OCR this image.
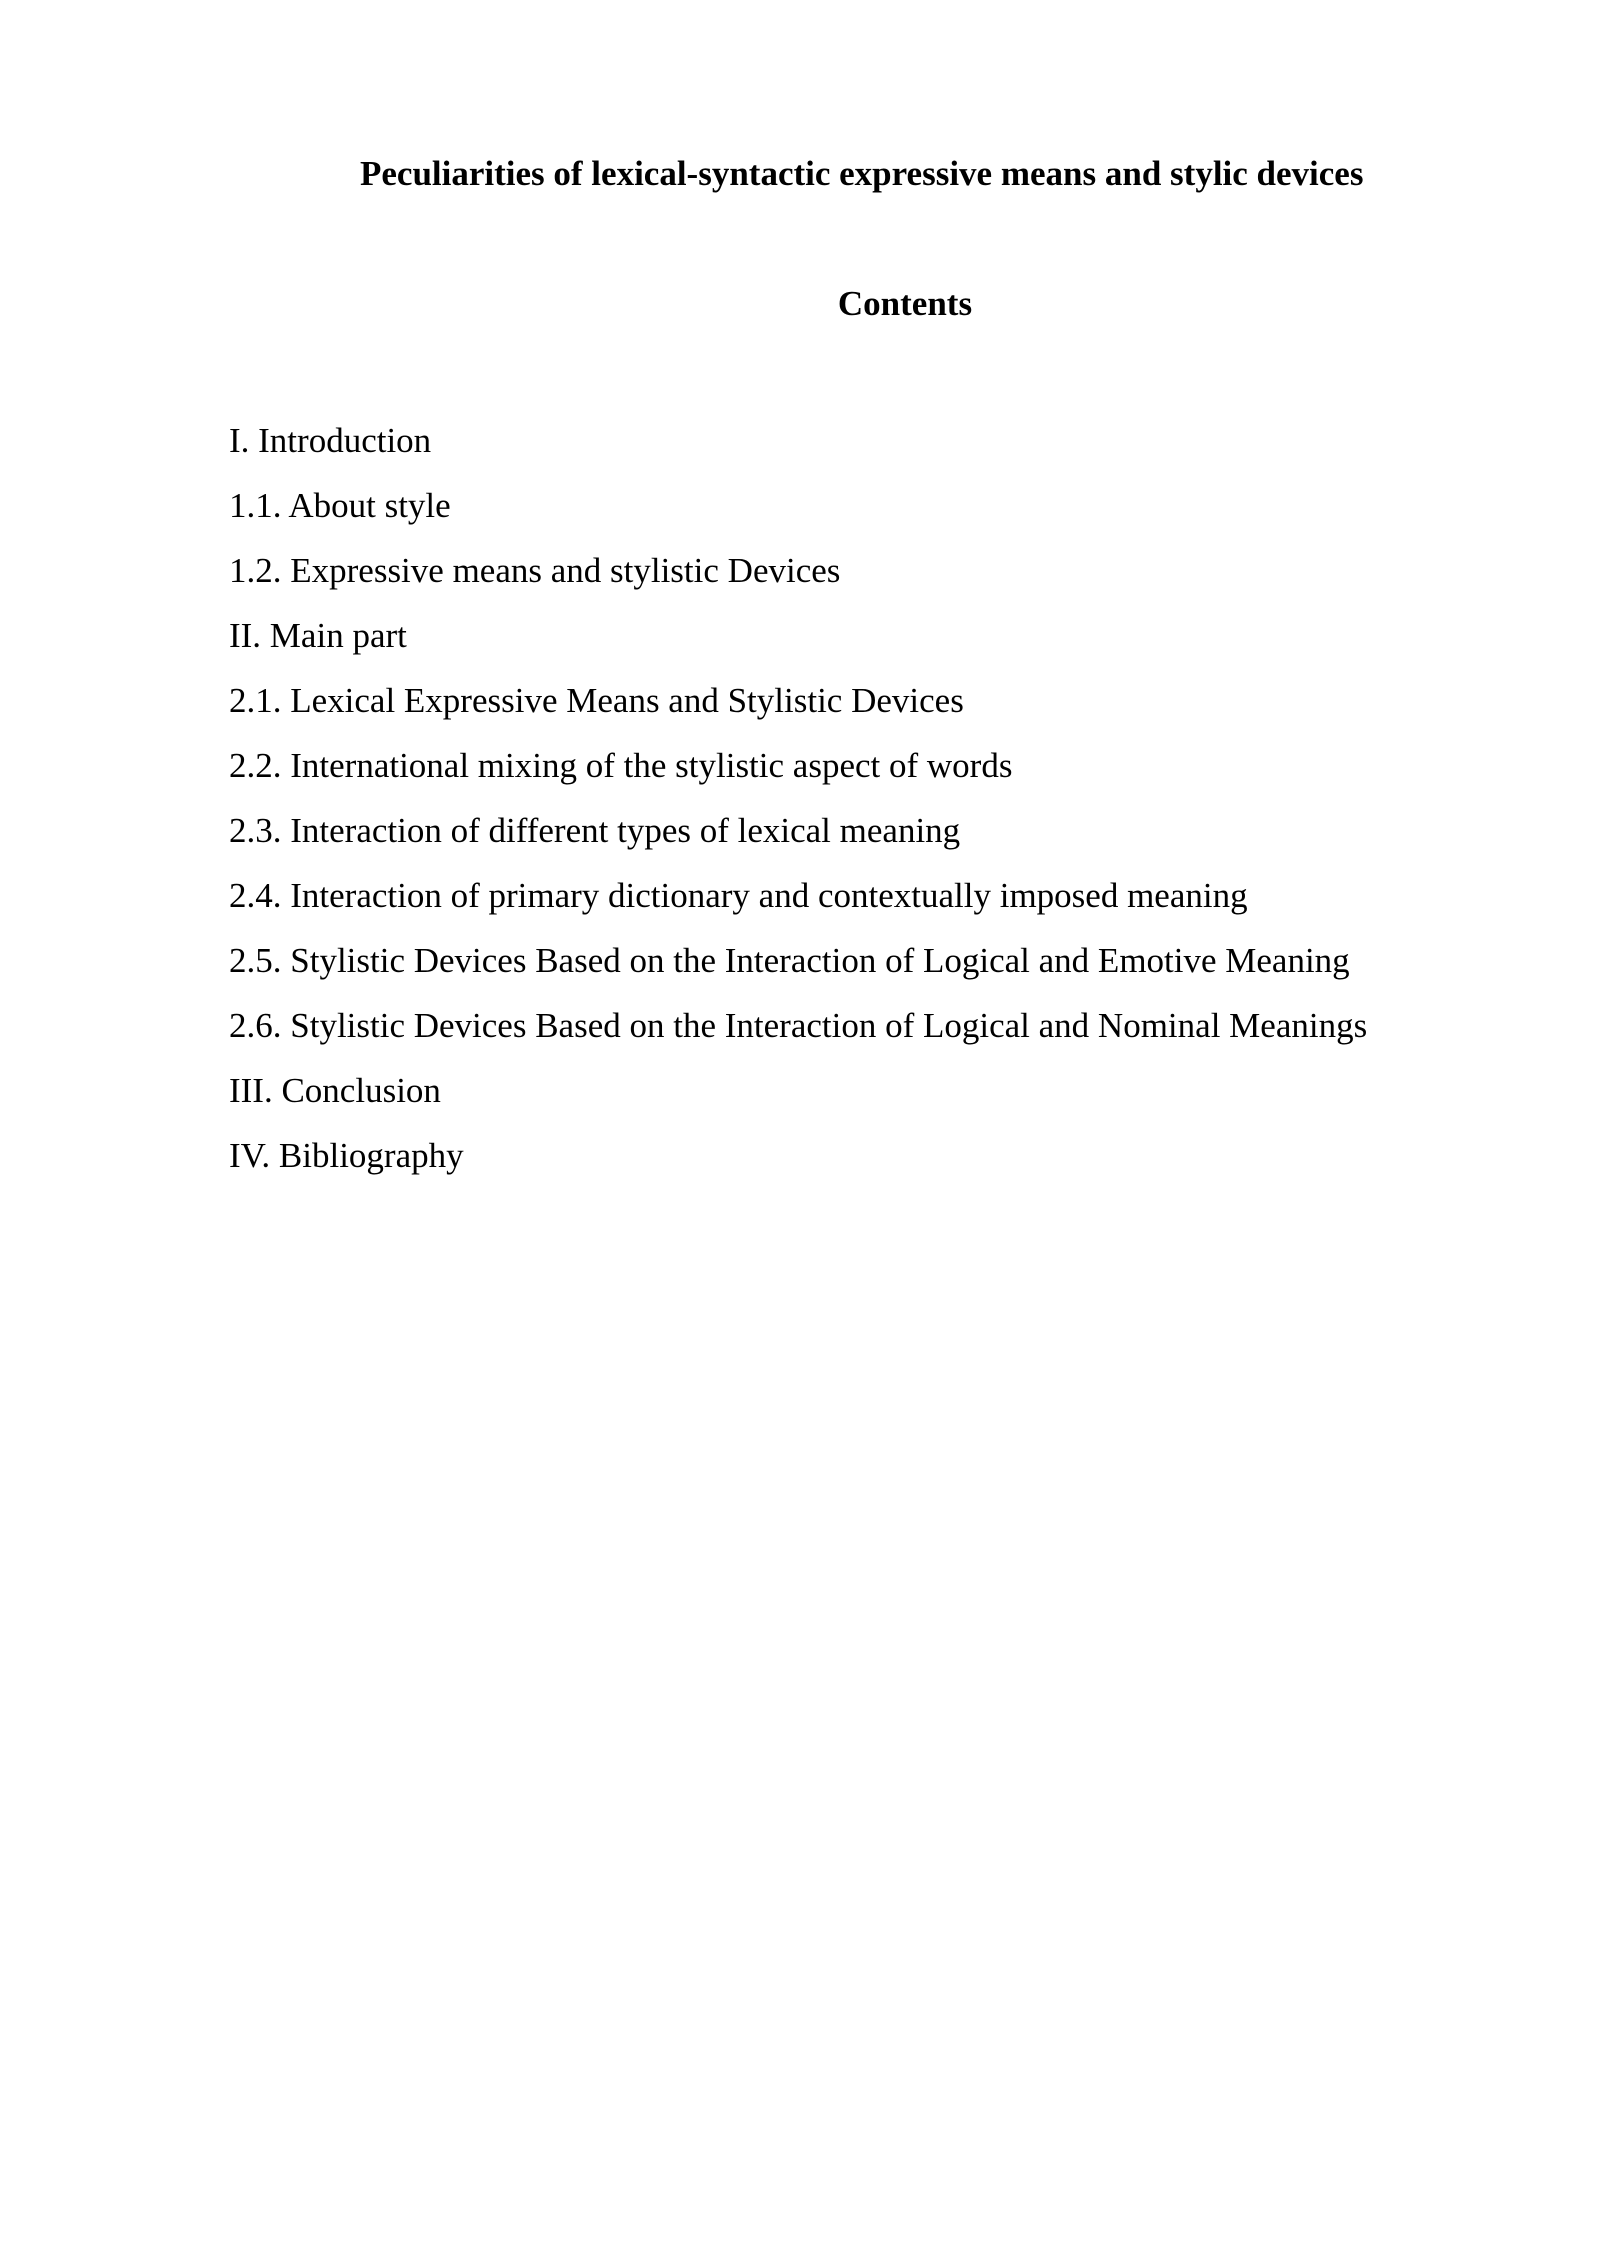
Peculiarities of lexical-syntactic expressive means and stylic devices
Contents
I. Introduction
1.1. About style
1.2. Expressive means and stylistic Devices
II. Main part
2.1. Lexical Expressive Means and Stylistic Devices
2.2. International mixing of the stylistic aspect of words
2.3. Interaction of different types of lexical meaning
2.4. Interaction of primary dictionary and contextually imposed meaning
2.5. Stylistic Devices Based on the Interaction of Logical and Emotive Meaning
2.6. Stylistic Devices Based on the Interaction of Logical and Nominal Meanings
III. Conclusion
IV. Bibliography
